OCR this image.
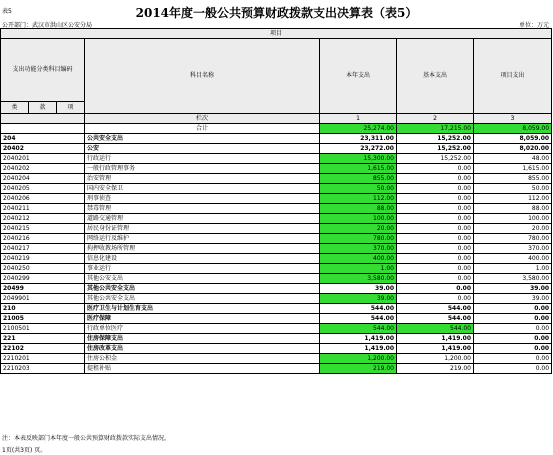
表5	2014年度一般公共预算财政拨款支出决算表（表5）
公开部门：武汉市洪山区公安分局	单位：万元
项目						
支出功能分类科目编码			科目名称	本年支出	基本支出	项目支出
类	款	项				
			栏次	1	2	3
			合计	25,274.00	17,215.00	8,059.00
204			公共安全支出	23,311.00	15,252.00	8,059.00
20402			公安	23,272.00	15,252.00	8,020.00
2040201			行政运行	15,300.00	15,252.00	48.00
2040202			一般行政管理事务	1,615.00	0.00	1,615.00
2040204			治安管理	855.00	0.00	855.00
2040205			国内安全保卫	50.00	0.00	50.00
2040206			刑事侦查	112.00	0.00	112.00
2040211			禁毒管理	88.00	0.00	88.00
2040212			道路交通管理	100.00	0.00	100.00
2040215			居民身份证管理	20.00	0.00	20.00
2040216			网络运行及维护	780.00	0.00	780.00
2040217			拘押收教场所管理	370.00	0.00	370.00
2040219			信息化建设	400.00	0.00	400.00
2040250			事业运行	1.00	0.00	1.00
2040299			其他公安支出	3,580.00	0.00	3,580.00
20499			其他公共安全支出	39.00	0.00	39.00
2049901			其他公共安全支出	39.00	0.00	39.00
210			医疗卫生与计划生育支出	544.00	544.00	0.00
21005			医疗保障	544.00	544.00	0.00
2100501			行政单位医疗	544.00	544.00	0.00
221			住房保障支出	1,419.00	1,419.00	0.00
22102			住房改革支出	1,419.00	1,419.00	0.00
2210201			住房公积金	1,200.00	1,200.00	0.00
2210203			提租补贴	219.00	219.00	0.00
注：本表反映部门本年度一般公共预算财政拨款实际支出情况。
1页(共3页) 页。
